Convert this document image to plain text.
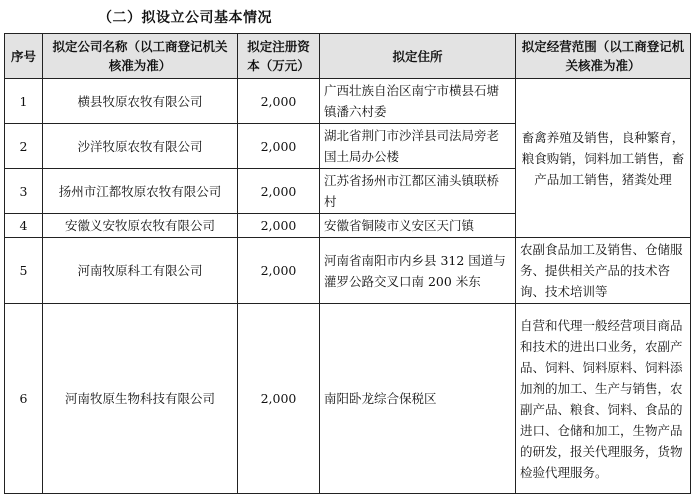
（二）拟设立公司基本情况
序号	拟定公司名称（以工商登记机关核准为准）	拟定注册资本（万元）	拟定住所	拟定经营范围（以工商登记机关核准为准）
1	横县牧原农牧有限公司	2,000	广西壮族自治区南宁市横县石塘镇潘六村委	畜禽养殖及销售，良种繁育，粮食购销，饲料加工销售，畜产品加工销售，猪粪处理
2	沙洋牧原农牧有限公司	2,000	湖北省荆门市沙洋县司法局旁老国土局办公楼	
3	扬州市江都牧原农牧有限公司	2,000	江苏省扬州市江都区浦头镇联桥村	
4	安徽义安牧原农牧有限公司	2,000	安徽省铜陵市义安区天门镇	
5	河南牧原科工有限公司	2,000	河南省南阳市内乡县 312 国道与灌罗公路交叉口南 200 米东	农副食品加工及销售、仓储服务、提供相关产品的技术咨询、技术培训等
6	河南牧原生物科技有限公司	2,000	南阳卧龙综合保税区	自营和代理一般经营项目商品和技术的进出口业务，农副产品、饲料、饲料原料、饲料添加剂的加工、生产与销售，农副产品、粮食、饲料、食品的进口、仓储和加工，生物产品的研发，报关代理服务，货物检验代理服务。
